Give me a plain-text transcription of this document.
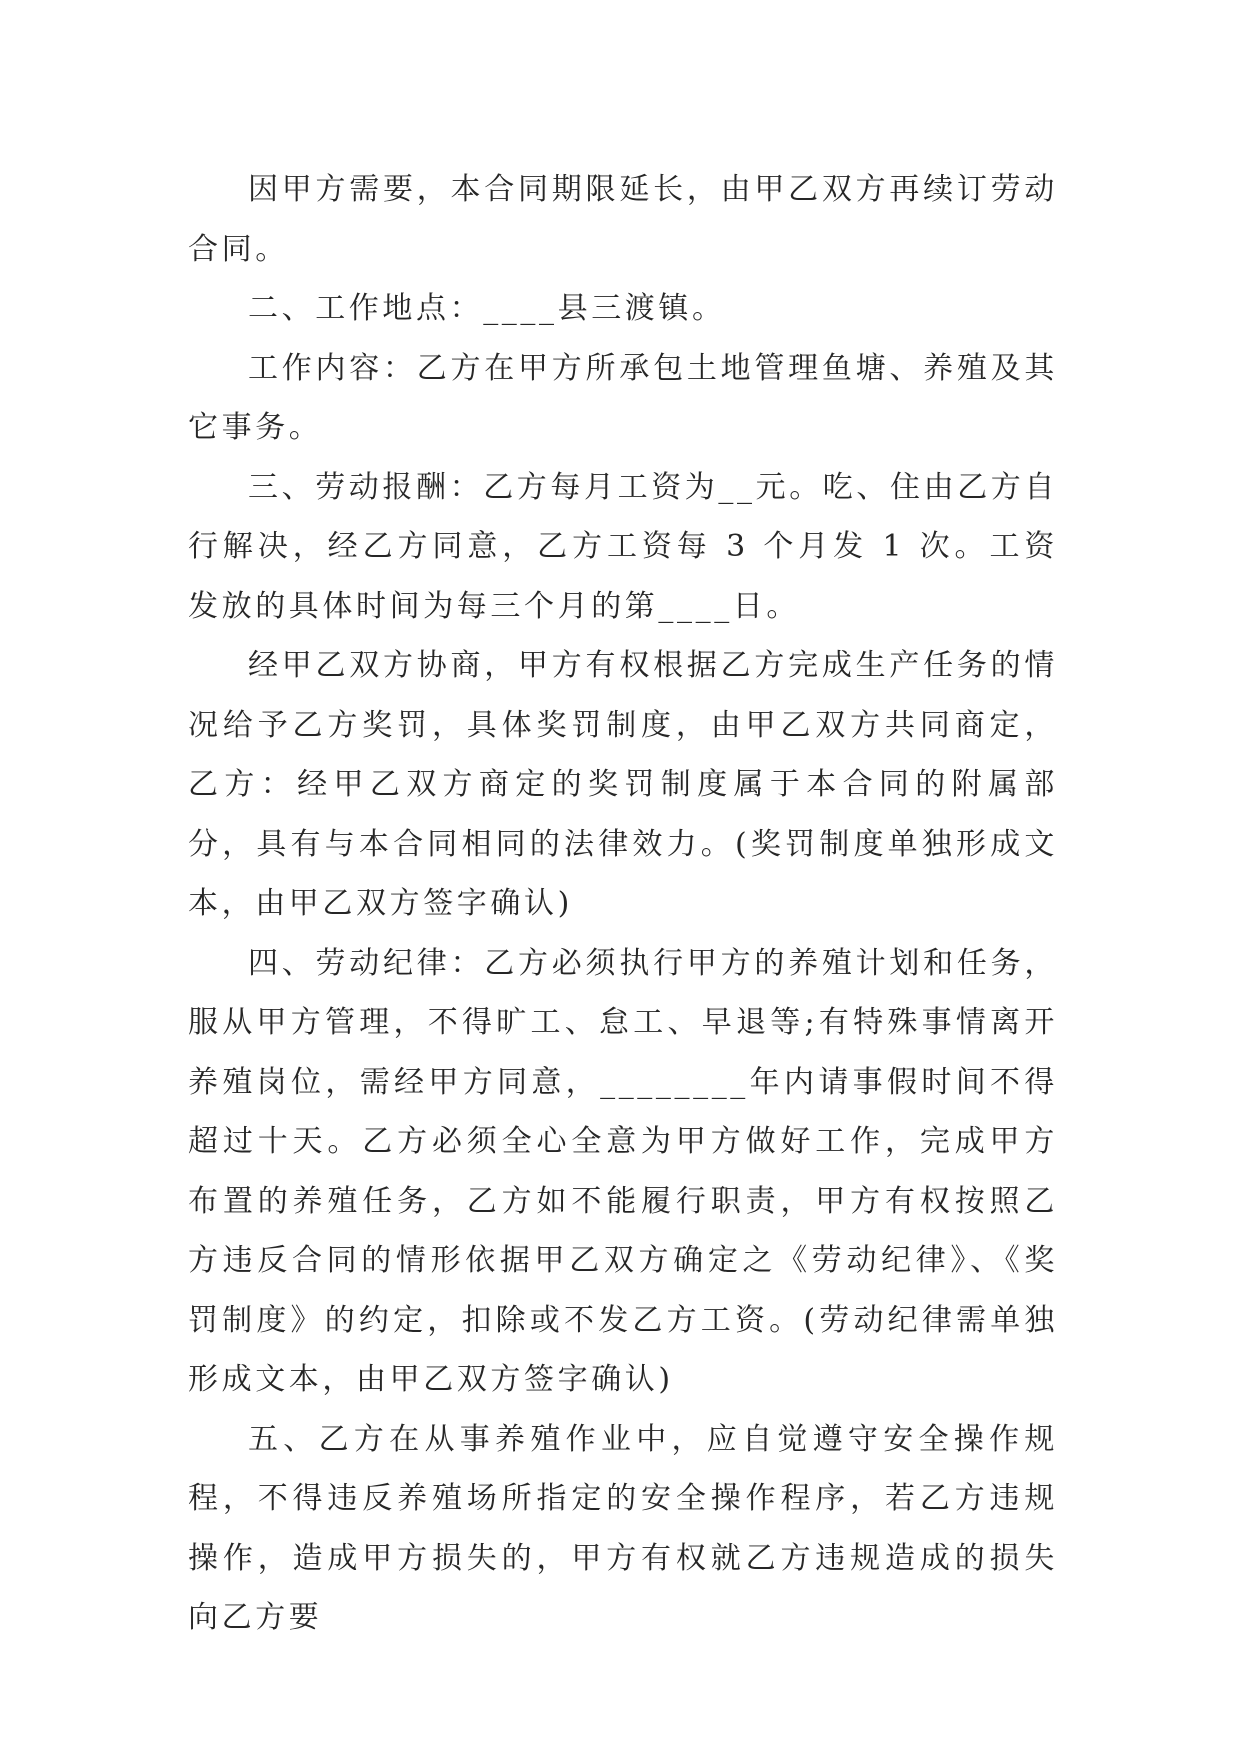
因甲方需要，本合同期限延长，由甲乙双方再续订劳动合同。

二、工作地点：____县三渡镇。

工作内容：乙方在甲方所承包土地管理鱼塘、养殖及其它事务。

三、劳动报酬：乙方每月工资为__元。吃、住由乙方自行解决，经乙方同意，乙方工资每 3 个月发 1 次。工资发放的具体时间为每三个月的第____日。

经甲乙双方协商，甲方有权根据乙方完成生产任务的情况给予乙方奖罚，具体奖罚制度，由甲乙双方共同商定，乙方：经甲乙双方商定的奖罚制度属于本合同的附属部分，具有与本合同相同的法律效力。(奖罚制度单独形成文本，由甲乙双方签字确认)

四、劳动纪律：乙方必须执行甲方的养殖计划和任务，服从甲方管理，不得旷工、怠工、早退等;有特殊事情离开养殖岗位，需经甲方同意，________年内请事假时间不得超过十天。乙方必须全心全意为甲方做好工作，完成甲方布置的养殖任务，乙方如不能履行职责，甲方有权按照乙方违反合同的情形依据甲乙双方确定之《劳动纪律》、《奖罚制度》的约定，扣除或不发乙方工资。(劳动纪律需单独形成文本，由甲乙双方签字确认)

五、乙方在从事养殖作业中，应自觉遵守安全操作规程，不得违反养殖场所指定的安全操作程序，若乙方违规操作，造成甲方损失的，甲方有权就乙方违规造成的损失向乙方要
